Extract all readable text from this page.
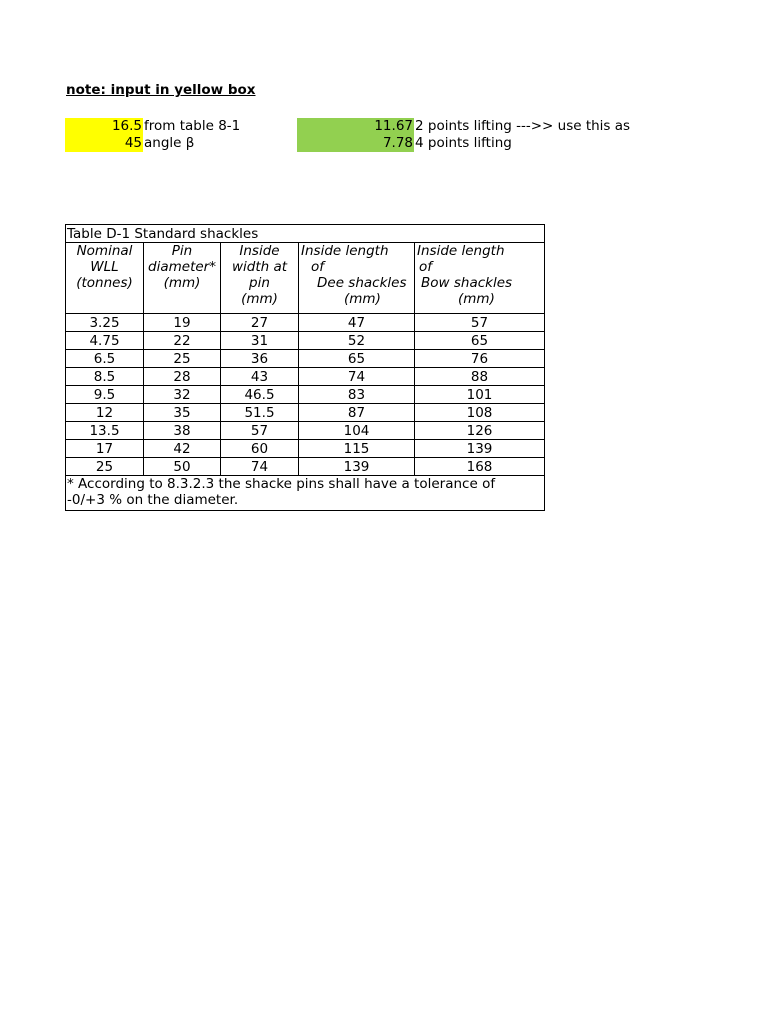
note: input in yellow box
16.5 from table 8-1
45 angle β
11.67 2 points lifting --->> use this as
7.78 4 points lifting
Table D-1 Standard shackles				

Nominal
WLL
(tonnes)	Pin
diameter*
(mm)	Inside
width at
pin
(mm)	Inside length
of
Dee shackles
(mm)	Inside length
of
Bow shackles
(mm)

3.25	19	27	47	57
4.75	22	31	52	65
6.5	25	36	65	76
8.5	28	43	74	88
9.5	32	46.5	83	101
12	35	51.5	87	108
13.5	38	57	104	126
17	42	60	115	139
25	50	74	139	168

* According to 8.3.2.3 the shacke pins shall have a tolerance of
-0/+3 % on the diameter.				
